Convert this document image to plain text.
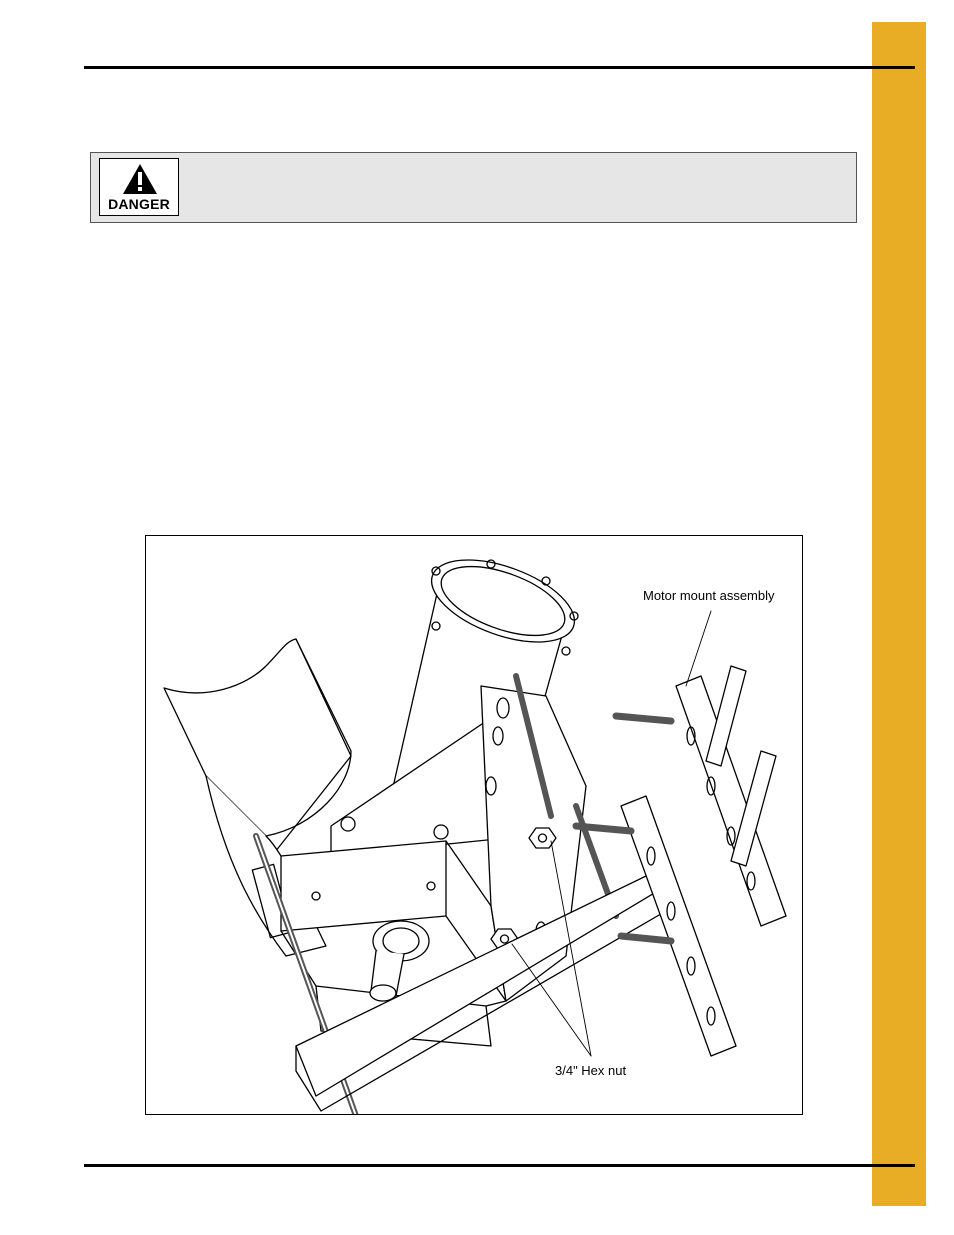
DANGER
Motor mount assembly
3/4" Hex nut
